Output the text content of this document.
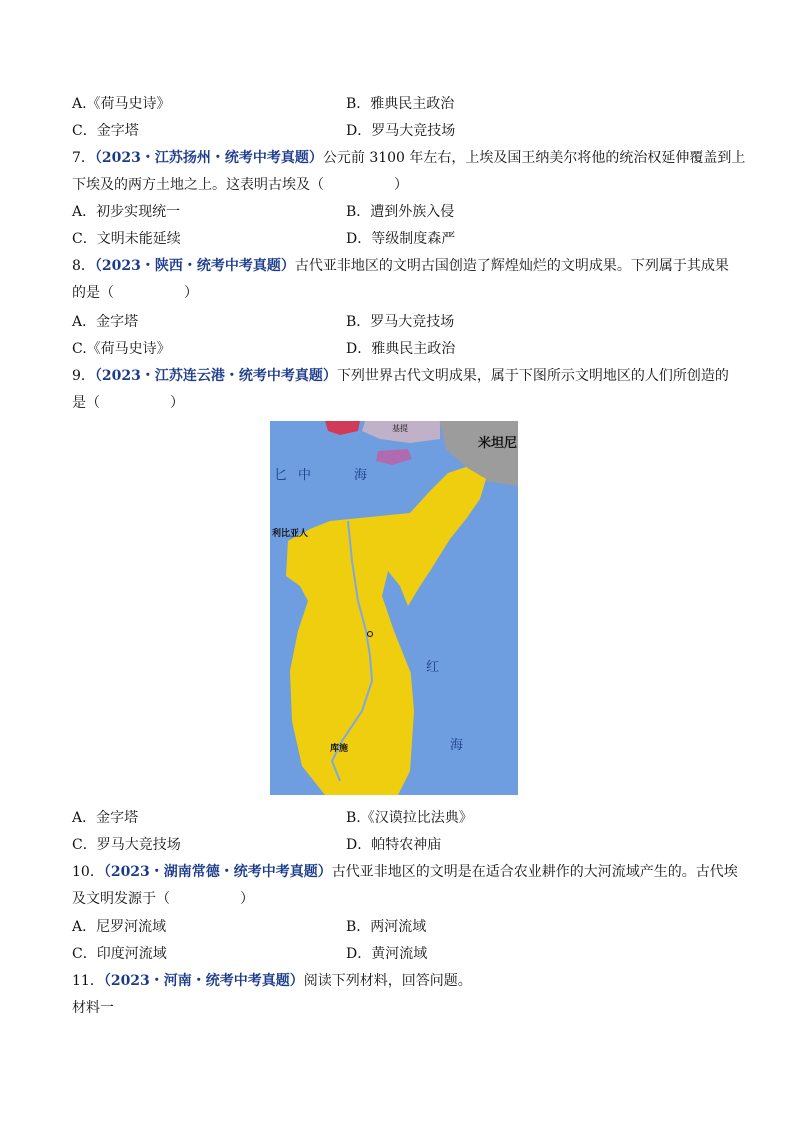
A.《荷马史诗》	B．雅典民主政治
C．金字塔	D．罗马大竞技场
7．（2023・江苏扬州・统考中考真题）公元前 3100 年左右，上埃及国王纳美尔将他的统治权延伸覆盖到上
下埃及的两方土地之上。这表明古埃及（	）
A．初步实现统一	B．遭到外族入侵
C．文明未能延续	D．等级制度森严
8．（2023・陕西・统考中考真题）古代亚非地区的文明古国创造了辉煌灿烂的文明成果。下列属于其成果
的是（	）
A．金字塔	B．罗马大竞技场
C.《荷马史诗》	D．雅典民主政治
9．（2023・江苏连云港・统考中考真题）下列世界古代文明成果，属于下图所示文明地区的人们所创造的
是（	）
匕 中	海
米坦尼
利比亚人
红
海
库施
基提
A．金字塔	B.《汉谟拉比法典》
C．罗马大竞技场	D．帕特农神庙
10．（2023・湖南常德・统考中考真题）古代亚非地区的文明是在适合农业耕作的大河流域产生的。古代埃
及文明发源于（	）
A．尼罗河流域	B．两河流域
C．印度河流域	D．黄河流域
11．（2023・河南・统考中考真题）阅读下列材料，回答问题。
材料一
